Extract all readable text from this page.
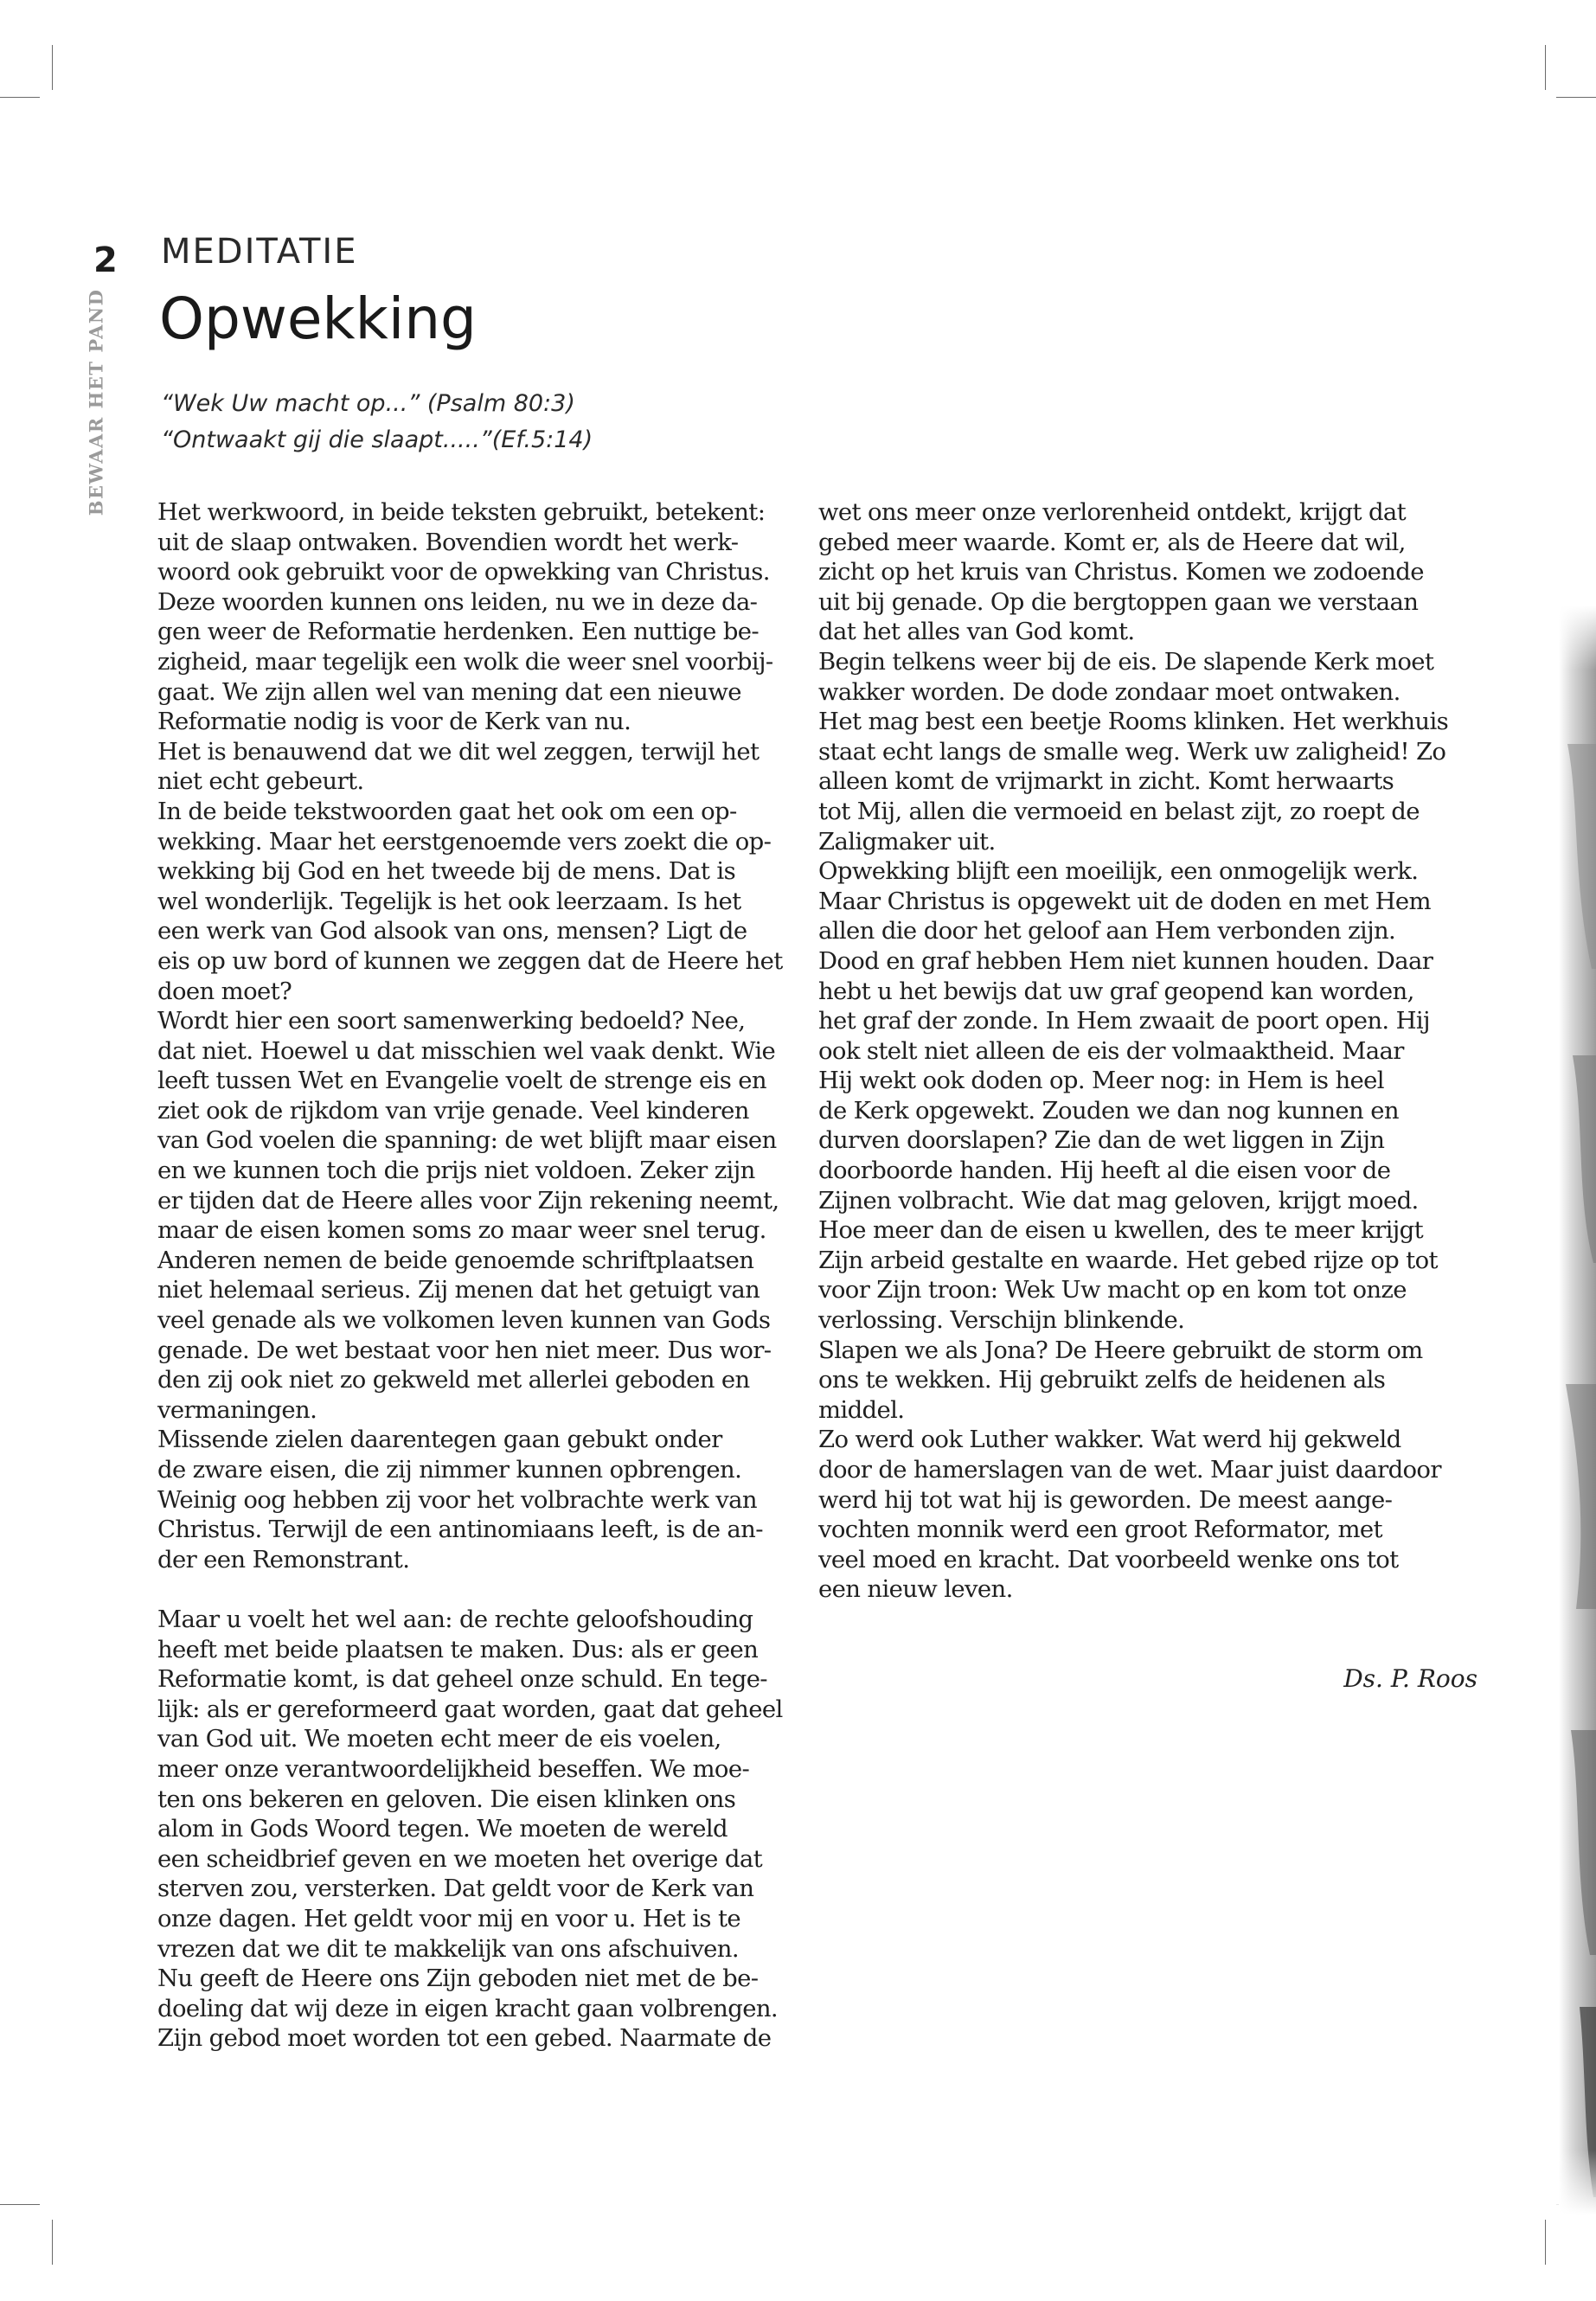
2
BEWAAR HET PAND
MEDITATIE
Opwekking
“Wek Uw macht op...” (Psalm 80:3)
“Ontwaakt gij die slaapt.....”(Ef.5:14)
Het werkwoord, in beide teksten gebruikt, betekent:
uit de slaap ontwaken. Bovendien wordt het werk-
woord ook gebruikt voor de opwekking van Christus.
Deze woorden kunnen ons leiden, nu we in deze da-
gen weer de Reformatie herdenken. Een nuttige be-
zigheid, maar tegelijk een wolk die weer snel voorbij-
gaat. We zijn allen wel van mening dat een nieuwe
Reformatie nodig is voor de Kerk van nu.
Het is benauwend dat we dit wel zeggen, terwijl het
niet echt gebeurt.
In de beide tekstwoorden gaat het ook om een op-
wekking. Maar het eerstgenoemde vers zoekt die op-
wekking bij God en het tweede bij de mens. Dat is
wel wonderlijk. Tegelijk is het ook leerzaam. Is het
een werk van God alsook van ons, mensen? Ligt de
eis op uw bord of kunnen we zeggen dat de Heere het
doen moet?
Wordt hier een soort samenwerking bedoeld? Nee,
dat niet. Hoewel u dat misschien wel vaak denkt. Wie
leeft tussen Wet en Evangelie voelt de strenge eis en
ziet ook de rijkdom van vrije genade. Veel kinderen
van God voelen die spanning: de wet blijft maar eisen
en we kunnen toch die prijs niet voldoen. Zeker zijn
er tijden dat de Heere alles voor Zijn rekening neemt,
maar de eisen komen soms zo maar weer snel terug.
Anderen nemen de beide genoemde schriftplaatsen
niet helemaal serieus. Zij menen dat het getuigt van
veel genade als we volkomen leven kunnen van Gods
genade. De wet bestaat voor hen niet meer. Dus wor-
den zij ook niet zo gekweld met allerlei geboden en
vermaningen.
Missende zielen daarentegen gaan gebukt onder
de zware eisen, die zij nimmer kunnen opbrengen.
Weinig oog hebben zij voor het volbrachte werk van
Christus. Terwijl de een antinomiaans leeft, is de an-
der een Remonstrant.
Maar u voelt het wel aan: de rechte geloofshouding
heeft met beide plaatsen te maken. Dus: als er geen
Reformatie komt, is dat geheel onze schuld. En tege-
lijk: als er gereformeerd gaat worden, gaat dat geheel
van God uit. We moeten echt meer de eis voelen,
meer onze verantwoordelijkheid beseffen. We moe-
ten ons bekeren en geloven. Die eisen klinken ons
alom in Gods Woord tegen. We moeten de wereld
een scheidbrief geven en we moeten het overige dat
sterven zou, versterken. Dat geldt voor de Kerk van
onze dagen. Het geldt voor mij en voor u. Het is te
vrezen dat we dit te makkelijk van ons afschuiven.
Nu geeft de Heere ons Zijn geboden niet met de be-
doeling dat wij deze in eigen kracht gaan volbrengen.
Zijn gebod moet worden tot een gebed. Naarmate de
wet ons meer onze verlorenheid ontdekt, krijgt dat
gebed meer waarde. Komt er, als de Heere dat wil,
zicht op het kruis van Christus. Komen we zodoende
uit bij genade. Op die bergtoppen gaan we verstaan
dat het alles van God komt.
Begin telkens weer bij de eis. De slapende Kerk moet
wakker worden. De dode zondaar moet ontwaken.
Het mag best een beetje Rooms klinken. Het werkhuis
staat echt langs de smalle weg. Werk uw zaligheid! Zo
alleen komt de vrijmarkt in zicht. Komt herwaarts
tot Mij, allen die vermoeid en belast zijt, zo roept de
Zaligmaker uit.
Opwekking blijft een moeilijk, een onmogelijk werk.
Maar Christus is opgewekt uit de doden en met Hem
allen die door het geloof aan Hem verbonden zijn.
Dood en graf hebben Hem niet kunnen houden. Daar
hebt u het bewijs dat uw graf geopend kan worden,
het graf der zonde. In Hem zwaait de poort open. Hij
ook stelt niet alleen de eis der volmaaktheid. Maar
Hij wekt ook doden op. Meer nog: in Hem is heel
de Kerk opgewekt. Zouden we dan nog kunnen en
durven doorslapen? Zie dan de wet liggen in Zijn
doorboorde handen. Hij heeft al die eisen voor de
Zijnen volbracht. Wie dat mag geloven, krijgt moed.
Hoe meer dan de eisen u kwellen, des te meer krijgt
Zijn arbeid gestalte en waarde. Het gebed rijze op tot
voor Zijn troon: Wek Uw macht op en kom tot onze
verlossing. Verschijn blinkende.
Slapen we als Jona? De Heere gebruikt de storm om
ons te wekken. Hij gebruikt zelfs de heidenen als
middel.
Zo werd ook Luther wakker. Wat werd hij gekweld
door de hamerslagen van de wet. Maar juist daardoor
werd hij tot wat hij is geworden. De meest aange-
vochten monnik werd een groot Reformator, met
veel moed en kracht. Dat voorbeeld wenke ons tot
een nieuw leven.
Ds. P. Roos
